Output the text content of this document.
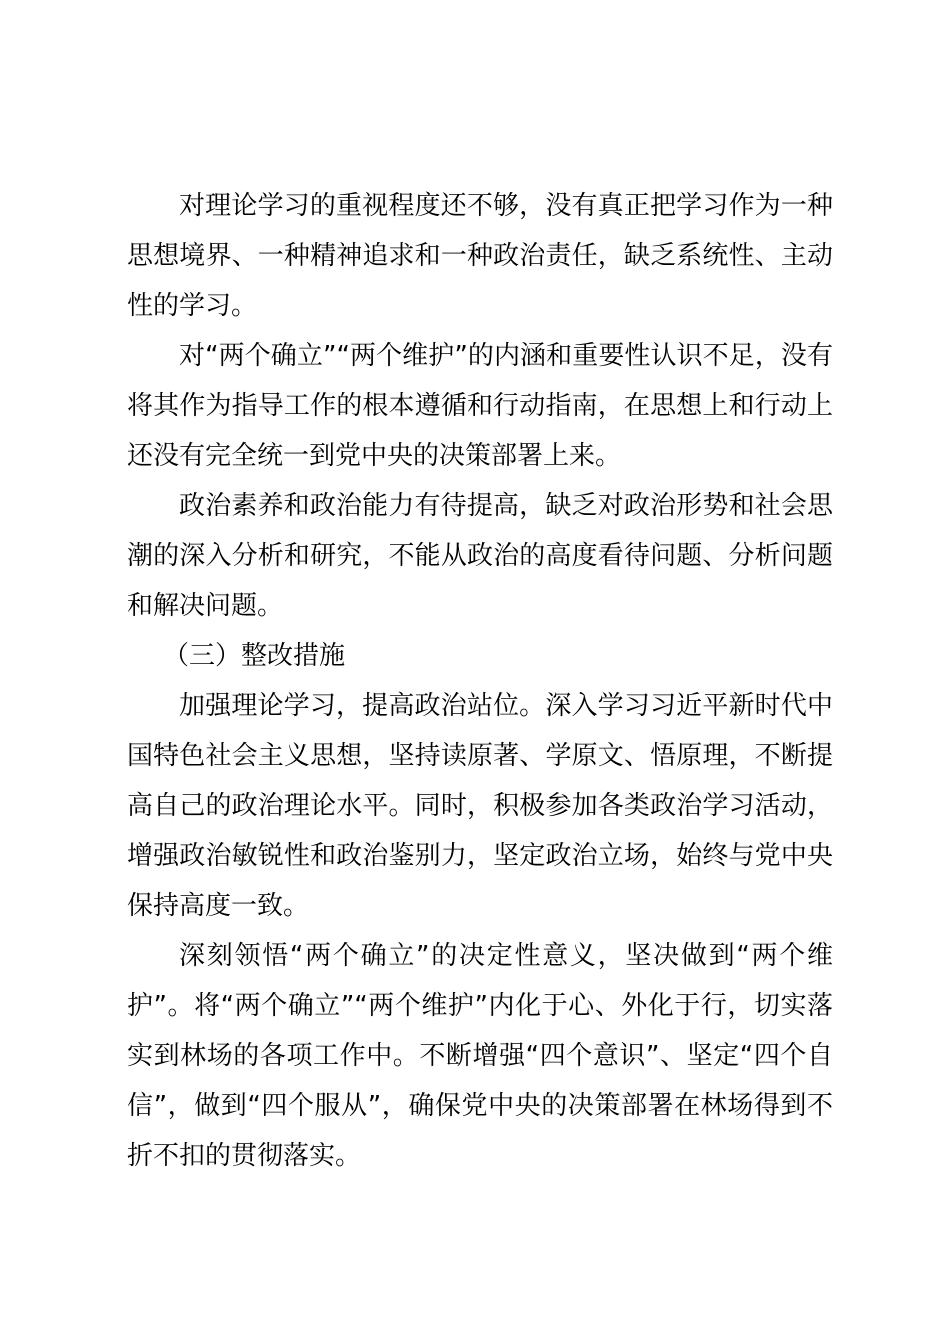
对理论学习的重视程度还不够，没有真正把学习作为一种思想境界、一种精神追求和一种政治责任，缺乏系统性、主动性的学习。

对“两个确立”“两个维护”的内涵和重要性认识不足，没有将其作为指导工作的根本遵循和行动指南，在思想上和行动上还没有完全统一到党中央的决策部署上来。

政治素养和政治能力有待提高，缺乏对政治形势和社会思潮的深入分析和研究，不能从政治的高度看待问题、分析问题和解决问题。

（三）整改措施

加强理论学习，提高政治站位。深入学习习近平新时代中国特色社会主义思想，坚持读原著、学原文、悟原理，不断提高自己的政治理论水平。同时，积极参加各类政治学习活动，增强政治敏锐性和政治鉴别力，坚定政治立场，始终与党中央保持高度一致。

深刻领悟“两个确立”的决定性意义，坚决做到“两个维护”。将“两个确立”“两个维护”内化于心、外化于行，切实落实到林场的各项工作中。不断增强“四个意识”、坚定“四个自信”，做到“四个服从”，确保党中央的决策部署在林场得到不折不扣的贯彻落实。
